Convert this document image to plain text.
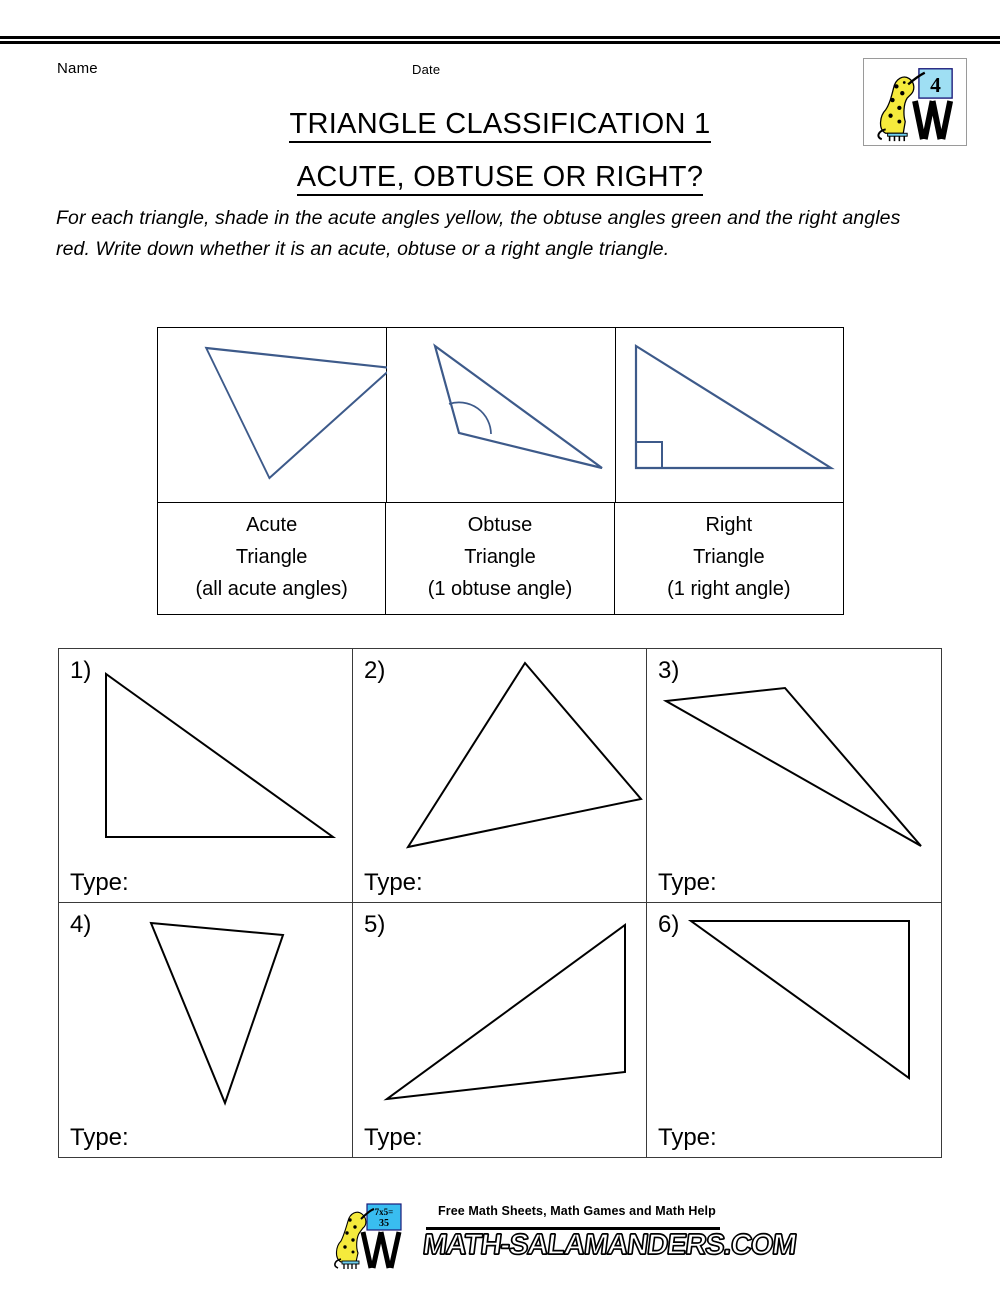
Name	Date
4
TRIANGLE CLASSIFICATION 1
ACUTE, OBTUSE OR RIGHT?
For each triangle, shade in the acute angles yellow, the obtuse angles green and the right angles red. Write down whether it is an acute, obtuse or a right angle triangle.
Acute
Triangle
(all acute angles)
Obtuse
Triangle
(1 obtuse angle)
Right
Triangle
(1 right angle)
1)
Type:
2)
Type:
3)
Type:
4)
Type:
5)
Type:
6)
Type:
7x5=
35
Free Math Sheets, Math Games and Math Help
MATH-SALAMANDERS.COM
